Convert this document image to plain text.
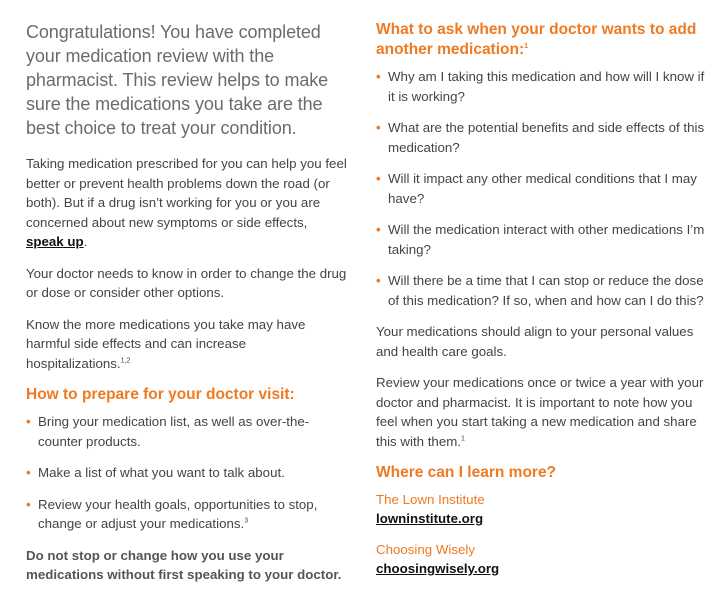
Congratulations! You have completed your medication review with the pharmacist. This review helps to make sure the medications you take are the best choice to treat your condition.

Taking medication prescribed for you can help you feel better or prevent health problems down the road (or both). But if a drug isn’t working for you or you are concerned about new symptoms or side effects, speak up.

Your doctor needs to know in order to change the drug or dose or consider other options.

Know the more medications you take may have harmful side effects and can increase hospitalizations.$^{1,2}$

How to prepare for your doctor visit:
• Bring your medication list, as well as over-the-counter products.
• Make a list of what you want to talk about.
• Review your health goals, opportunities to stop, change or adjust your medications.$^3$

Do not stop or change how you use your medications without first speaking to your doctor.

What to ask when your doctor wants to add another medication:$^1$
• Why am I taking this medication and how will I know if it is working?
• What are the potential benefits and side effects of this medication?
• Will it impact any other medical conditions that I may have?
• Will the medication interact with other medications I’m taking?
• Will there be a time that I can stop or reduce the dose of this medication? If so, when and how can I do this?

Your medications should align to your personal values and health care goals.

Review your medications once or twice a year with your doctor and pharmacist. It is important to note how you feel when you start taking a new medication and share this with them.$^1$

Where can I learn more?

The Lown Institute

lowninstitute.org

Choosing Wisely

choosingwisely.org
